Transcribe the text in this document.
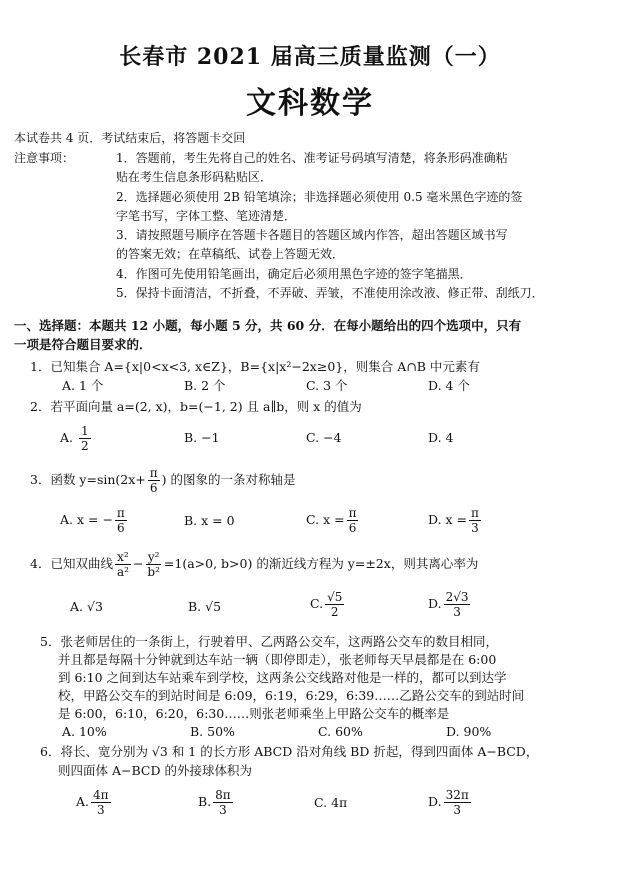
长春市 2021 届高三质量监测（一）
文科数学
本试卷共 4 页．考试结束后，将答题卡交回
注意事项：	1．答题前，考生先将自己的姓名、准考证号码填写清楚，将条形码准确粘
贴在考生信息条形码粘贴区．
2．选择题必须使用 2B 铅笔填涂；非选择题必须使用 0.5 毫米黑色字迹的签
字笔书写，字体工整、笔迹清楚．
3．请按照题号顺序在答题卡各题目的答题区域内作答，超出答题区域书写
的答案无效；在草稿纸、试卷上答题无效．
4．作图可先使用铅笔画出，确定后必须用黑色字迹的签字笔描黑．
5．保持卡面清洁，不折叠，不弄破、弄皱，不准使用涂改液、修正带、刮纸刀．
一、选择题：本题共 12 小题，每小题 5 分，共 60 分．在每小题给出的四个选项中，只有
一项是符合题目要求的．
1．已知集合 A={x|0<x<3, x∈Z}，B={x|x²−2x≥0}，则集合 A∩B 中元素有
A. 1 个	B. 2 个	C. 3 个	D. 4 个
2．若平面向量 a=(2, x)，b=(−1, 2) 且 a∥b，则 x 的值为
A. $\frac{1}{2}$	B. −1	C. −4	D. 4
3．函数 $y=\sin(2x+ \frac{\pi}{6}$ ) 的图象的一条对称轴是
A. x = − $\frac{\pi}{6}$	B. x = 0	C. $x = \frac{\pi}{6}$	D. $x = \frac{\pi}{3}$
4．已知双曲线 $\frac{\text{x²}}{\text{a²}} - \frac{\text{y²}}{\text{b²}} =1(a>0$, b>0) 的渐近线方程为 y=±2x，则其离心率为
A. √3	B. √5	C. $\frac{√5}{2}$	D. $\frac{2√3}{3}$
5．张老师居住的一条街上，行驶着甲、乙两路公交车，这两路公交车的数目相同，
并且都是每隔十分钟就到达车站一辆（即停即走），张老师每天早晨都是在 6:00
到 6:10 之间到达车站乘车到学校，这两条公交线路对他是一样的，都可以到达学
校，甲路公交车的到站时间是 6:09，6:19，6:29，6:39……乙路公交车的到站时间
是 6:00，6:10，6:20，6:30……则张老师乘坐上甲路公交车的概率是
A. 10%	B. 50%	C. 60%	D. 90%
6．将长、宽分别为 √3 和 1 的长方形 ABCD 沿对角线 BD 折起，得到四面体 A−BCD，
则四面体 A−BCD 的外接球体积为
A. $\frac{4\pi}{3}$	B. $\frac{8\pi}{3}$	C. 4π	D. $\frac{32\pi}{3}$
